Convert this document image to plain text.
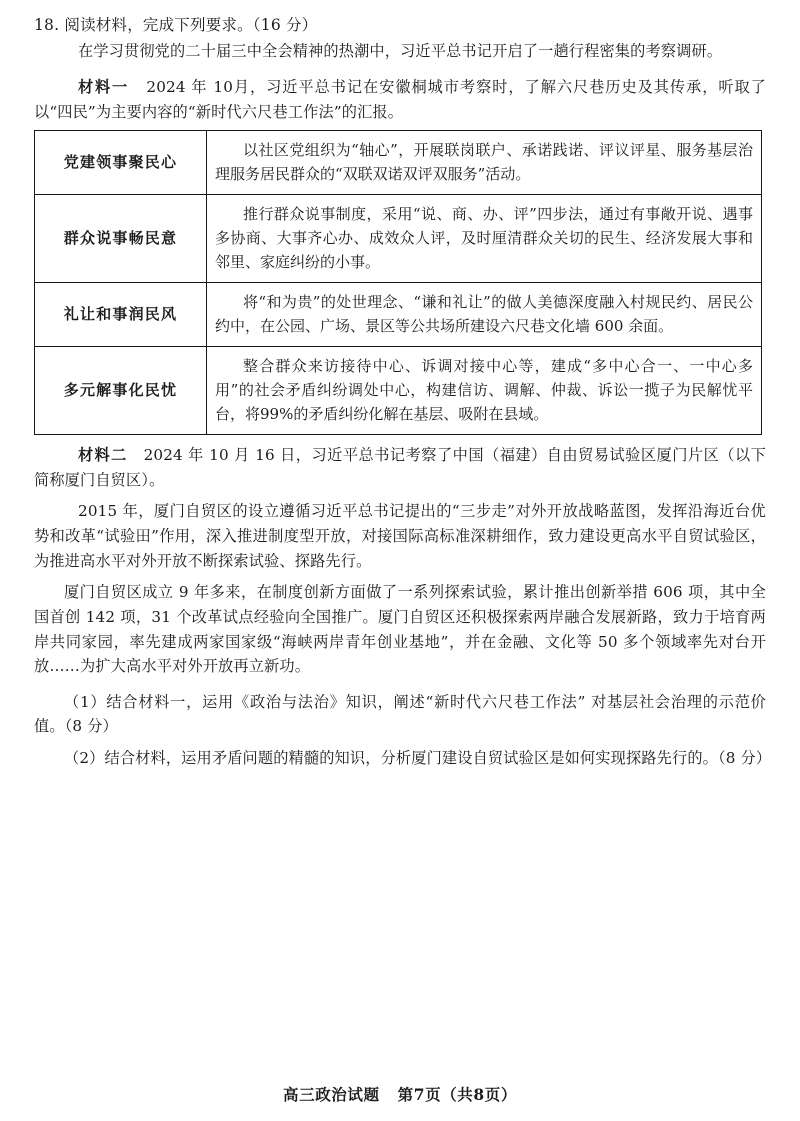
18. 阅读材料，完成下列要求。（16 分）

在学习贯彻党的二十届三中全会精神的热潮中，习近平总书记开启了一趟行程密集的考察调研。

材料一 2024 年 10月，习近平总书记在安徽桐城市考察时，了解六尺巷历史及其传承，听取了以“四民”为主要内容的“新时代六尺巷工作法”的汇报。

党建领事聚民心	以社区党组织为“轴心”，开展联岗联户、承诺践诺、评议评星、服务基层治理服务居民群众的“双联双诺双评双服务”活动。
群众说事畅民意	推行群众说事制度，采用“说、商、办、评”四步法，通过有事敞开说、遇事多协商、大事齐心办、成效众人评，及时厘清群众关切的民生、经济发展大事和邻里、家庭纠纷的小事。
礼让和事润民风	将“和为贵”的处世理念、“谦和礼让”的做人美德深度融入村规民约、居民公约中，在公园、广场、景区等公共场所建设六尺巷文化墙 600 余面。
多元解事化民忧	整合群众来访接待中心、诉调对接中心等，建成“多中心合一、一中心多用”的社会矛盾纠纷调处中心，构建信访、调解、仲裁、诉讼一揽子为民解忧平台，将99%的矛盾纠纷化解在基层、吸附在县域。

材料二 2024 年 10 月 16 日，习近平总书记考察了中国（福建）自由贸易试验区厦门片区（以下简称厦门自贸区）。

2015 年，厦门自贸区的设立遵循习近平总书记提出的“三步走”对外开放战略蓝图，发挥沿海近台优势和改革“试验田”作用，深入推进制度型开放，对接国际高标准深耕细作，致力建设更高水平自贸试验区，为推进高水平对外开放不断探索试验、探路先行。

厦门自贸区成立 9 年多来，在制度创新方面做了一系列探索试验，累计推出创新举措 606 项，其中全国首创 142 项，31 个改革试点经验向全国推广。厦门自贸区还积极探索两岸融合发展新路，致力于培育两岸共同家园，率先建成两家国家级“海峡两岸青年创业基地”，并在金融、文化等 50 多个领域率先对台开放……为扩大高水平对外开放再立新功。

（1）结合材料一，运用《政治与法治》知识，阐述“新时代六尺巷工作法” 对基层社会治理的示范价值。（8 分）

（2）结合材料，运用矛盾问题的精髓的知识，分析厦门建设自贸试验区是如何实现探路先行的。（8 分）

高三政治试题 第7页（共8页）
